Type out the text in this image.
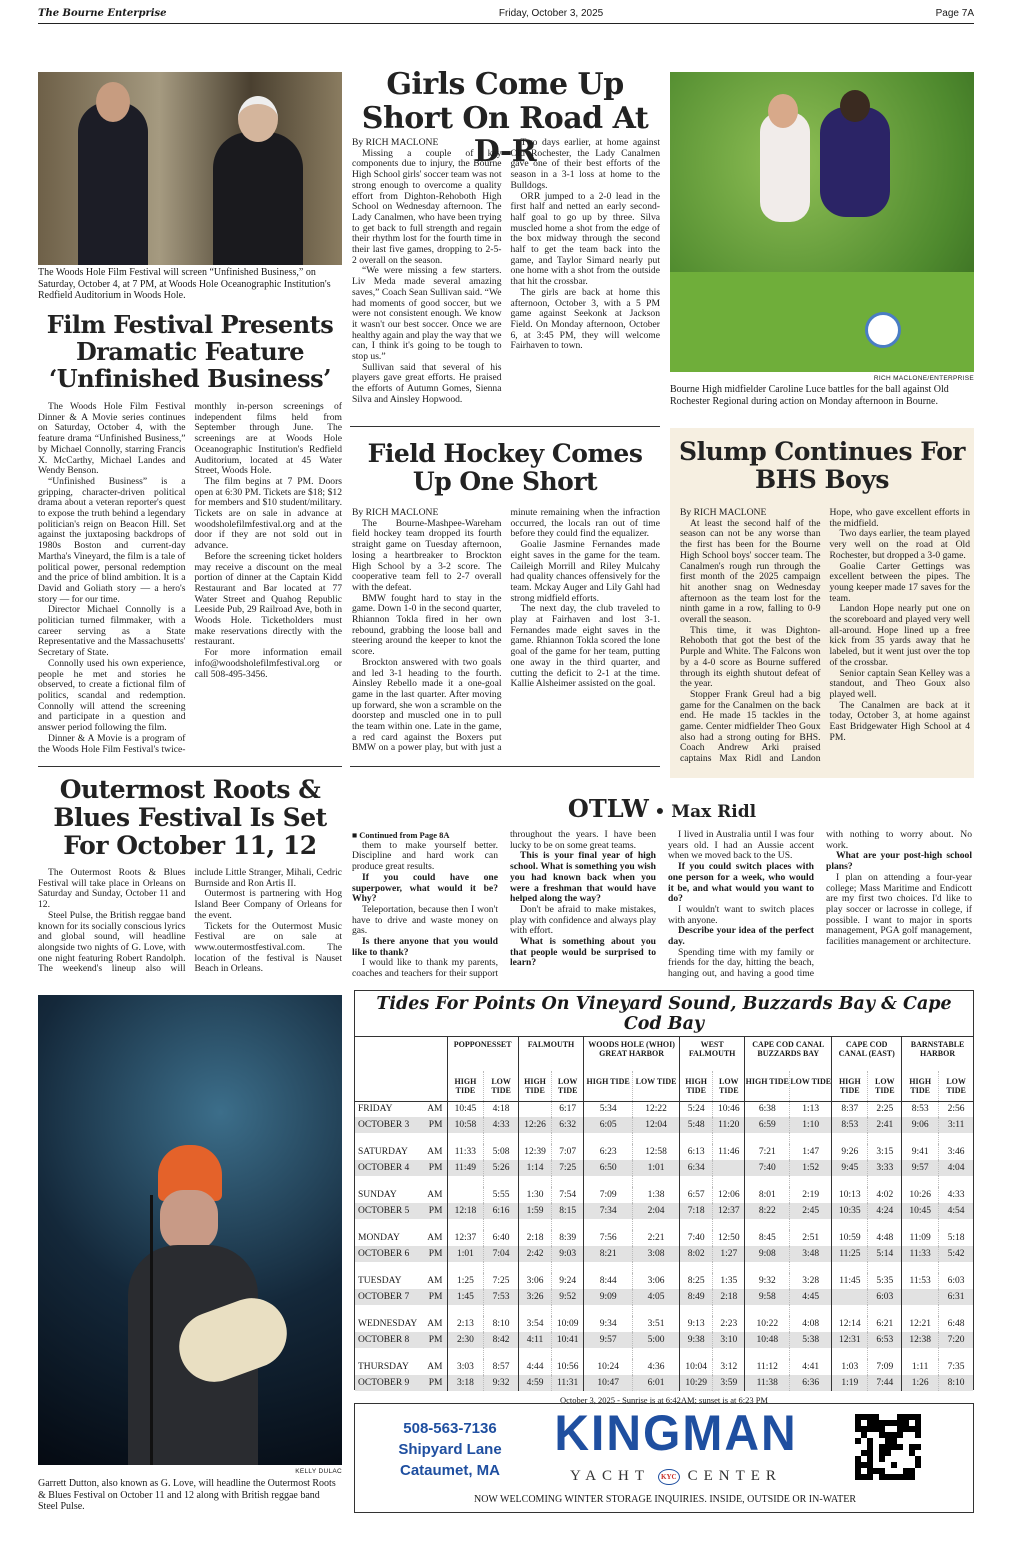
The Bourne Enterprise	Friday, October 3, 2025	Page 7A
The Woods Hole Film Festival will screen “Unfinished Business,” on Saturday, October 4, at 7 PM, at Woods Hole Oceanographic Institution's Redfield Auditorium in Woods Hole.
Film Festival Presents Dramatic Feature ‘Unfinished Business’

The Woods Hole Film Festival Dinner & A Movie series continues on Saturday, October 4, with the feature drama “Unfinished Business,” by Michael Connolly, starring Francis X. McCarthy, Michael Landes and Wendy Benson.

“Unfinished Business” is a gripping, character-driven political drama about a veteran reporter's quest to expose the truth behind a legendary politician's reign on Beacon Hill. Set against the juxtaposing backdrops of 1980s Boston and current-day Martha's Vineyard, the film is a tale of political power, personal redemption and the price of blind ambition. It is a David and Goliath story — a hero's story — for our time.

Director Michael Connolly is a politician turned filmmaker, with a career serving as a State Representative and the Massachusetts' Secretary of State.

Connolly used his own experience, people he met and stories he observed, to create a fictional film of politics, scandal and redemption. Connolly will attend the screening and participate in a question and answer period following the film.

Dinner & A Movie is a program of the Woods Hole Film Festival's twice-monthly in-person screenings of independent films held from September through June. The screenings are at Woods Hole Oceanographic Institution's Redfield Auditorium, located at 45 Water Street, Woods Hole.

The film begins at 7 PM. Doors open at 6:30 PM. Tickets are $18; $12 for members and $10 student/military. Tickets are on sale in advance at woodsholefilmfestival.org and at the door if they are not sold out in advance.

Before the screening ticket holders may receive a discount on the meal portion of dinner at the Captain Kidd Restaurant and Bar located at 77 Water Street and Quahog Republic Leeside Pub, 29 Railroad Ave, both in Woods Hole. Ticketholders must make reservations directly with the restaurant.

For more information email info@woodsholefilmfestival.org or call 508-495-3456.

Girls Come Up Short On Road At D-R

By RICH MACLONE

Missing a couple of key components due to injury, the Bourne High School girls' soccer team was not strong enough to overcome a quality effort from Dighton-Rehoboth High School on Wednesday afternoon. The Lady Canalmen, who have been trying to get back to full strength and regain their rhythm lost for the fourth time in their last five games, dropping to 2-5-2 overall on the season.

“We were missing a few starters. Liv Meda made several amazing saves,” Coach Sean Sullivan said. “We had moments of good soccer, but we were not consistent enough. We know it wasn't our best soccer. Once we are healthy again and play the way that we can, I think it's going to be tough to stop us.”

Sullivan said that several of his players gave great efforts. He praised the efforts of Autumn Gomes, Sienna Silva and Ainsley Hopwood.

Two days earlier, at home against Old Rochester, the Lady Canalmen gave one of their best efforts of the season in a 3-1 loss at home to the Bulldogs.

ORR jumped to a 2-0 lead in the first half and netted an early second-half goal to go up by three. Silva muscled home a shot from the edge of the box midway through the second half to get the team back into the game, and Taylor Simard nearly put one home with a shot from the outside that hit the crossbar.

The girls are back at home this afternoon, October 3, with a 5 PM game against Seekonk at Jackson Field. On Monday afternoon, October 6, at 3:45 PM, they will welcome Fairhaven to town.

RICH MACLONE/ENTERPRISE
Bourne High midfielder Caroline Luce battles for the ball against Old Rochester Regional during action on Monday afternoon in Bourne.
Field Hockey Comes Up One Short

By RICH MACLONE

The Bourne-Mashpee-Wareham field hockey team dropped its fourth straight game on Tuesday afternoon, losing a heartbreaker to Brockton High School by a 3-2 score. The cooperative team fell to 2-7 overall with the defeat.

BMW fought hard to stay in the game. Down 1-0 in the second quarter, Rhiannon Tokla fired in her own rebound, grabbing the loose ball and steering around the keeper to knot the score.

Brockton answered with two goals and led 3-1 heading to the fourth. Ainsley Rebello made it a one-goal game in the last quarter. After moving up forward, she won a scramble on the doorstep and muscled one in to pull the team within one. Late in the game, a red card against the Boxers put BMW on a power play, but with just a minute remaining when the infraction occurred, the locals ran out of time before they could find the equalizer.

Goalie Jasmine Fernandes made eight saves in the game for the team. Caileigh Morrill and Riley Mulcahy had quality chances offensively for the team. Mckay Auger and Lily Gahl had strong midfield efforts.

The next day, the club traveled to play at Fairhaven and lost 3-1. Fernandes made eight saves in the game. Rhiannon Tokla scored the lone goal of the game for her team, putting one away in the third quarter, and cutting the deficit to 2-1 at the time. Kallie Alsheimer assisted on the goal.

Slump Continues For BHS Boys

By RICH MACLONE

At least the second half of the season can not be any worse than the first has been for the Bourne High School boys' soccer team. The Canalmen's rough run through the first month of the 2025 campaign hit another snag on Wednesday afternoon as the team lost for the ninth game in a row, falling to 0-9 overall the season.

This time, it was Dighton-Rehoboth that got the best of the Purple and White. The Falcons won by a 4-0 score as Bourne suffered through its eighth shutout defeat of the year.

Stopper Frank Greul had a big game for the Canalmen on the back end. He made 15 tackles in the game. Center midfielder Theo Goux also had a strong outing for BHS. Coach Andrew Arki praised captains Max Ridl and Landon Hope, who gave excellent efforts in the midfield.

Two days earlier, the team played very well on the road at Old Rochester, but dropped a 3-0 game.

Goalie Carter Gettings was excellent between the pipes. The young keeper made 17 saves for the team.

Landon Hope nearly put one on the scoreboard and played very well all-around. Hope lined up a free kick from 35 yards away that he labeled, but it went just over the top of the crossbar.

Senior captain Sean Kelley was a standout, and Theo Goux also played well.

The Canalmen are back at it today, October 3, at home against East Bridgewater High School at 4 PM.

Outermost Roots & Blues Festival Is Set For October 11, 12

The Outermost Roots & Blues Festival will take place in Orleans on Saturday and Sunday, October 11 and 12.

Steel Pulse, the British reggae band known for its socially conscious lyrics and global sound, will headline alongside two nights of G. Love, with one night featuring Robert Randolph. The weekend's lineup also will include Little Stranger, Mihali, Cedric Burnside and Ron Artis II.

Outermost is partnering with Hog Island Beer Company of Orleans for the event.

Tickets for the Outermost Music Festival are on sale at www.outermostfestival.com. The location of the festival is Nauset Beach in Orleans.

OTLW • Max Ridl

■ Continued from Page 8A

them to make yourself better. Discipline and hard work can produce great results.

If you could have one superpower, what would it be? Why?

Teleportation, because then I won't have to drive and waste money on gas.

Is there anyone that you would like to thank?

I would like to thank my parents, coaches and teachers for their support throughout the years. I have been lucky to be on some great teams.

This is your final year of high school. What is something you wish you had known back when you were a freshman that would have helped along the way?

Don't be afraid to make mistakes, play with confidence and always play with effort.

What is something about you that people would be surprised to learn?

I lived in Australia until I was four years old. I had an Aussie accent when we moved back to the US.

If you could switch places with one person for a week, who would it be, and what would you want to do?

I wouldn't want to switch places with anyone.

Describe your idea of the perfect day.

Spending time with my family or friends for the day, hitting the beach, hanging out, and having a good time with nothing to worry about. No work.

What are your post-high school plans?

I plan on attending a four-year college; Mass Maritime and Endicott are my first two choices. I'd like to play soccer or lacrosse in college, if possible. I want to major in sports management, PGA golf management, facilities management or architecture.

KELLY DULAC
Garrett Dutton, also known as G. Love, will headline the Outermost Roots & Blues Festival on October 11 and 12 along with British reggae band Steel Pulse.
Tides For Points On Vineyard Sound, Buzzards Bay & Cape Cod Bay
	POPPONESSET		FALMOUTH		WOODS HOLE (WHOI) GREAT HARBOR		WEST FALMOUTH		CAPE COD CANAL BUZZARDS BAY		CAPE COD CANAL (EAST)		BARNSTABLE HARBOR	
	HIGH TIDE	LOW TIDE	HIGH TIDE	LOW TIDE	HIGH TIDE	LOW TIDE	HIGH TIDE	LOW TIDE	HIGH TIDE	LOW TIDE	HIGH TIDE	LOW TIDE	HIGH TIDE	LOW TIDE
FRIDAY AM	10:45	4:18		6:17	5:34	12:22	5:24	10:46	6:38	1:13	8:37	2:25	8:53	2:56
OCTOBER 3 PM	10:58	4:33	12:26	6:32	6:05	12:04	5:48	11:20	6:59	1:10	8:53	2:41	9:06	3:11

SATURDAY AM	11:33	5:08	12:39	7:07	6:23	12:58	6:13	11:46	7:21	1:47	9:26	3:15	9:41	3:46
OCTOBER 4 PM	11:49	5:26	1:14	7:25	6:50	1:01	6:34		7:40	1:52	9:45	3:33	9:57	4:04

SUNDAY AM		5:55	1:30	7:54	7:09	1:38	6:57	12:06	8:01	2:19	10:13	4:02	10:26	4:33
OCTOBER 5 PM	12:18	6:16	1:59	8:15	7:34	2:04	7:18	12:37	8:22	2:45	10:35	4:24	10:45	4:54

MONDAY AM	12:37	6:40	2:18	8:39	7:56	2:21	7:40	12:50	8:45	2:51	10:59	4:48	11:09	5:18
OCTOBER 6 PM	1:01	7:04	2:42	9:03	8:21	3:08	8:02	1:27	9:08	3:48	11:25	5:14	11:33	5:42

TUESDAY AM	1:25	7:25	3:06	9:24	8:44	3:06	8:25	1:35	9:32	3:28	11:45	5:35	11:53	6:03
OCTOBER 7 PM	1:45	7:53	3:26	9:52	9:09	4:05	8:49	2:18	9:58	4:45		6:03		6:31

WEDNESDAY AM	2:13	8:10	3:54	10:09	9:34	3:51	9:13	2:23	10:22	4:08	12:14	6:21	12:21	6:48
OCTOBER 8 PM	2:30	8:42	4:11	10:41	9:57	5:00	9:38	3:10	10:48	5:38	12:31	6:53	12:38	7:20

THURSDAY AM	3:03	8:57	4:44	10:56	10:24	4:36	10:04	3:12	11:12	4:41	1:03	7:09	1:11	7:35
OCTOBER 9 PM	3:18	9:32	4:59	11:31	10:47	6:01	10:29	3:59	11:38	6:36	1:19	7:44	1:26	8:10
October 3, 2025 - Sunrise is at 6:42AM; sunset is at 6:23 PM
508-563-7136
Shipyard Lane
Cataumet, MA
KINGMAN
YACHT	KYC CENTER
NOW WELCOMING WINTER STORAGE INQUIRIES. INSIDE, OUTSIDE OR IN-WATER
